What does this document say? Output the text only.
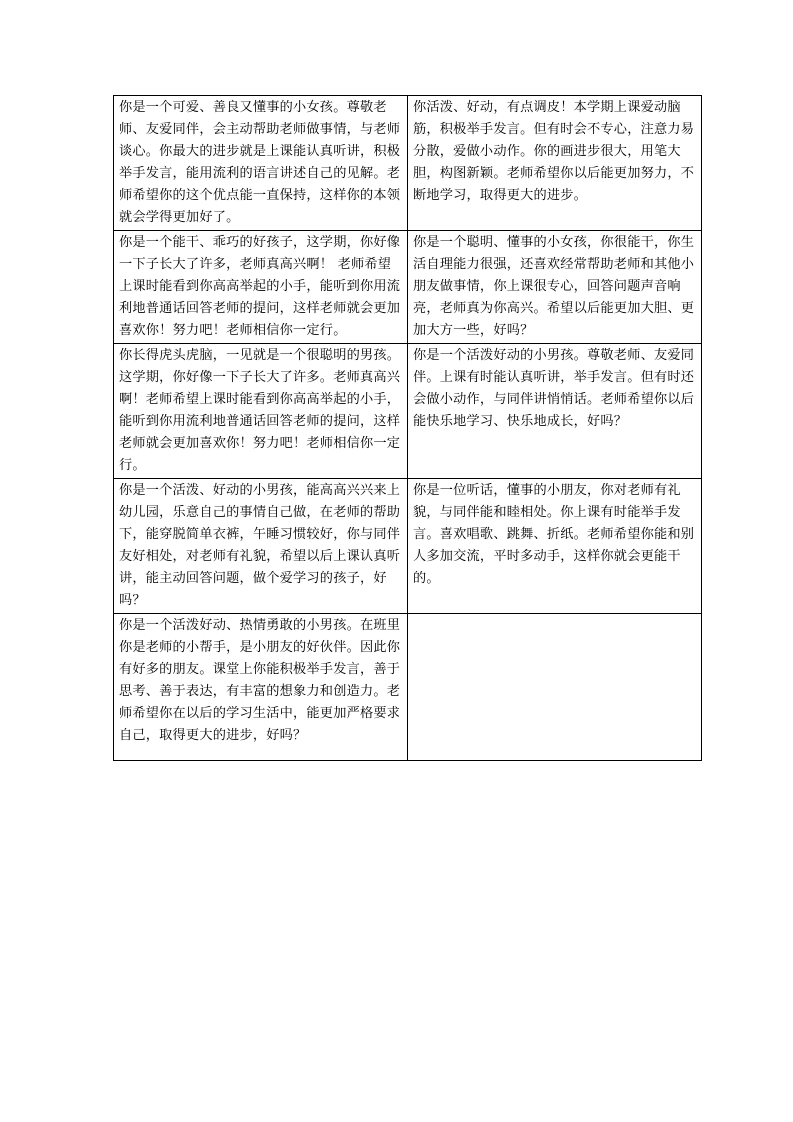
你是一个可爱、善良又懂事的小女孩。尊敬老师、友爱同伴，会主动帮助老师做事情，与老师谈心。你最大的进步就是上课能认真听讲，积极举手发言，能用流利的语言讲述自己的见解。老师希望你的这个优点能一直保持，这样你的本领就会学得更加好了。	你活泼、好动，有点调皮！本学期上课爱动脑筋，积极举手发言。但有时会不专心，注意力易分散，爱做小动作。你的画进步很大，用笔大胆，构图新颖。老师希望你以后能更加努力，不断地学习，取得更大的进步。
你是一个能干、乖巧的好孩子，这学期，你好像一下子长大了许多，老师真高兴啊！ 老师希望上课时能看到你高高举起的小手，能听到你用流利地普通话回答老师的提问，这样老师就会更加喜欢你！努力吧！老师相信你一定行。	你是一个聪明、懂事的小女孩，你很能干，你生活自理能力很强，还喜欢经常帮助老师和其他小朋友做事情，你上课很专心，回答问题声音响亮，老师真为你高兴。希望以后能更加大胆、更加大方一些，好吗？
你长得虎头虎脑，一见就是一个很聪明的男孩。　　这学期，你好像一下子长大了许多。老师真高兴啊！老师希望上课时能看到你高高举起的小手，能听到你用流利地普通话回答老师的提问，这样老师就会更加喜欢你！努力吧！老师相信你一定行。	你是一个活泼好动的小男孩。尊敬老师、友爱同伴。上课有时能认真听讲，举手发言。但有时还会做小动作，与同伴讲悄悄话。老师希望你以后能快乐地学习、快乐地成长，好吗？
你是一个活泼、好动的小男孩，能高高兴兴来上幼儿园，乐意自己的事情自己做，在老师的帮助下，能穿脱简单衣裤，午睡习惯较好，你与同伴友好相处，对老师有礼貌，希望以后上课认真听讲，能主动回答问题，做个爱学习的孩子，好吗？	你是一位听话，懂事的小朋友，你对老师有礼貌，与同伴能和睦相处。你上课有时能举手发言。喜欢唱歌、跳舞、折纸。老师希望你能和别人多加交流，平时多动手，这样你就会更能干的。
你是一个活泼好动、热情勇敢的小男孩。在班里你是老师的小帮手，是小朋友的好伙伴。因此你有好多的朋友。课堂上你能积极举手发言，善于思考、善于表达，有丰富的想象力和创造力。老师希望你在以后的学习生活中，能更加严格要求自己，取得更大的进步，好吗？	
